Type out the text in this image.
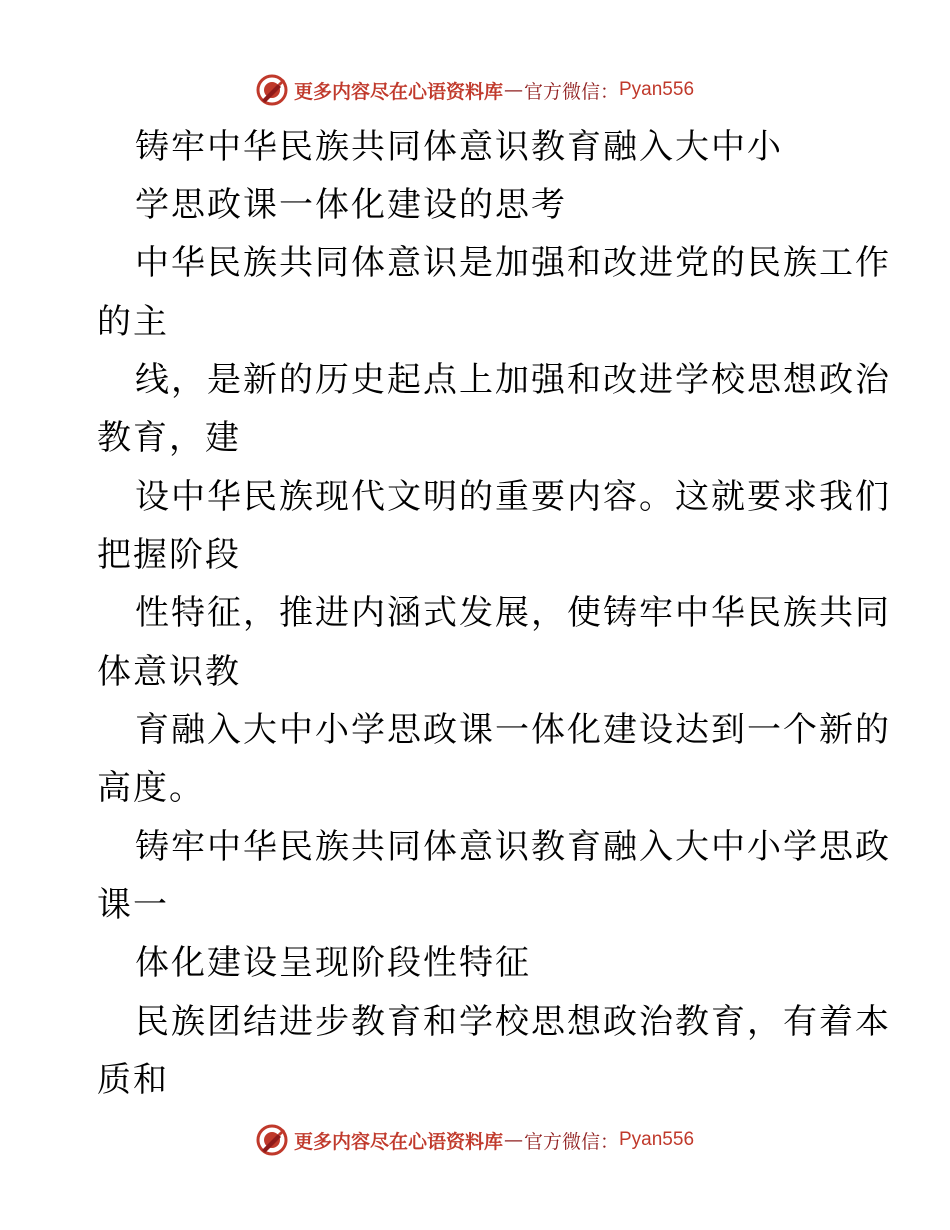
更多内容尽在心语资料库 — 官方微信： Pyan556
铸牢中华民族共同体意识教育融入大中小
学思政课一体化建设的思考
中华民族共同体意识是加强和改进党的民族工作
的主
线，是新的历史起点上加强和改进学校思想政治
教育，建
设中华民族现代文明的重要内容。这就要求我们
把握阶段
性特征，推进内涵式发展，使铸牢中华民族共同
体意识教
育融入大中小学思政课一体化建设达到一个新的
高度。
铸牢中华民族共同体意识教育融入大中小学思政
课一
体化建设呈现阶段性特征
民族团结进步教育和学校思想政治教育，有着本
质和
更多内容尽在心语资料库 — 官方微信： Pyan556
